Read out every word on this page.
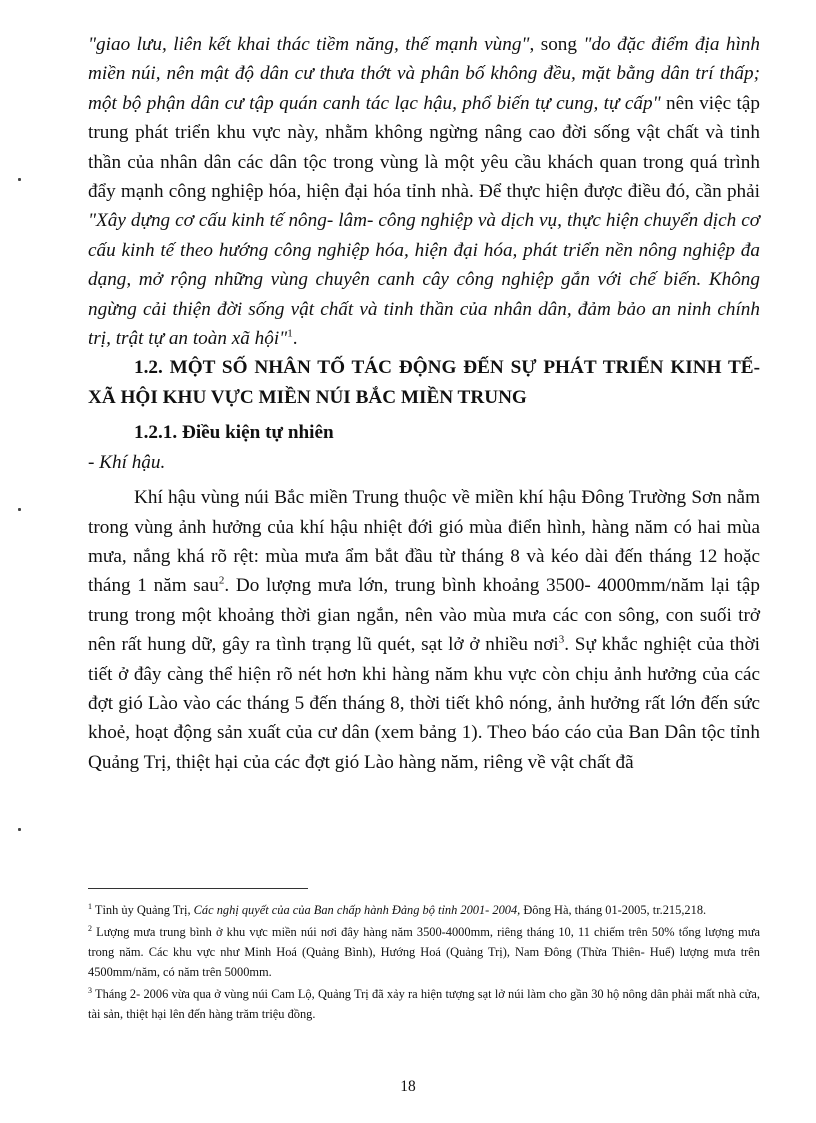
"giao lưu, liên kết khai thác tiềm năng, thế mạnh vùng", song "do đặc điểm địa hình miền núi, nên mật độ dân cư thưa thớt và phân bố không đều, mặt bằng dân trí thấp; một bộ phận dân cư tập quán canh tác lạc hậu, phổ biến tự cung, tự cấp" nên việc tập trung phát triển khu vực này, nhằm không ngừng nâng cao đời sống vật chất và tinh thần của nhân dân các dân tộc trong vùng là một yêu cầu khách quan trong quá trình đẩy mạnh công nghiệp hóa, hiện đại hóa tỉnh nhà. Để thực hiện được điều đó, cần phải "Xây dựng cơ cấu kinh tế nông- lâm- công nghiệp và dịch vụ, thực hiện chuyển dịch cơ cấu kinh tế theo hướng công nghiệp hóa, hiện đại hóa, phát triển nền nông nghiệp đa dạng, mở rộng những vùng chuyên canh cây công nghiệp gắn với chế biến. Không ngừng cải thiện đời sống vật chất và tinh thần của nhân dân, đảm bảo an ninh chính trị, trật tự an toàn xã hội"$^1$.

1.2. MỘT SỐ NHÂN TỐ TÁC ĐỘNG ĐẾN SỰ PHÁT TRIỂN KINH TẾ- XÃ HỘI KHU VỰC MIỀN NÚI BẮC MIỀN TRUNG

1.2.1. Điều kiện tự nhiên

- Khí hậu.

Khí hậu vùng núi Bắc miền Trung thuộc về miền khí hậu Đông Trường Sơn nằm trong vùng ảnh hưởng của khí hậu nhiệt đới gió mùa điển hình, hàng năm có hai mùa mưa, nắng khá rõ rệt: mùa mưa ẩm bắt đầu từ tháng 8 và kéo dài đến tháng 12 hoặc tháng 1 năm sau$^2$. Do lượng mưa lớn, trung bình khoảng 3500- 4000mm/năm lại tập trung trong một khoảng thời gian ngắn, nên vào mùa mưa các con sông, con suối trở nên rất hung dữ, gây ra tình trạng lũ quét, sạt lở ở nhiều nơi$^3$. Sự khắc nghiệt của thời tiết ở đây càng thể hiện rõ nét hơn khi hàng năm khu vực còn chịu ảnh hưởng của các đợt gió Lào vào các tháng 5 đến tháng 8, thời tiết khô nóng, ảnh hưởng rất lớn đến sức khoẻ, hoạt động sản xuất của cư dân (xem bảng 1). Theo báo cáo của Ban Dân tộc tỉnh Quảng Trị, thiệt hại của các đợt gió Lào hàng năm, riêng về vật chất đã

$^1$ Tỉnh ủy Quảng Trị, Các nghị quyết của của Ban chấp hành Đảng bộ tỉnh 2001- 2004, Đông Hà, tháng 01-2005, tr.215,218.

$^2$ Lượng mưa trung bình ở khu vực miền núi nơi đây hàng năm 3500-4000mm, riêng tháng 10, 11 chiếm trên 50% tổng lượng mưa trong năm. Các khu vực như Minh Hoá (Quảng Bình), Hướng Hoá (Quảng Trị), Nam Đông (Thừa Thiên- Huế) lượng mưa trên 4500mm/năm, có năm trên 5000mm.

$^3$ Tháng 2- 2006 vừa qua ở vùng núi Cam Lộ, Quảng Trị đã xảy ra hiện tượng sạt lở núi làm cho gần 30 hộ nông dân phải mất nhà cửa, tài sản, thiệt hại lên đến hàng trăm triệu đồng.

18
